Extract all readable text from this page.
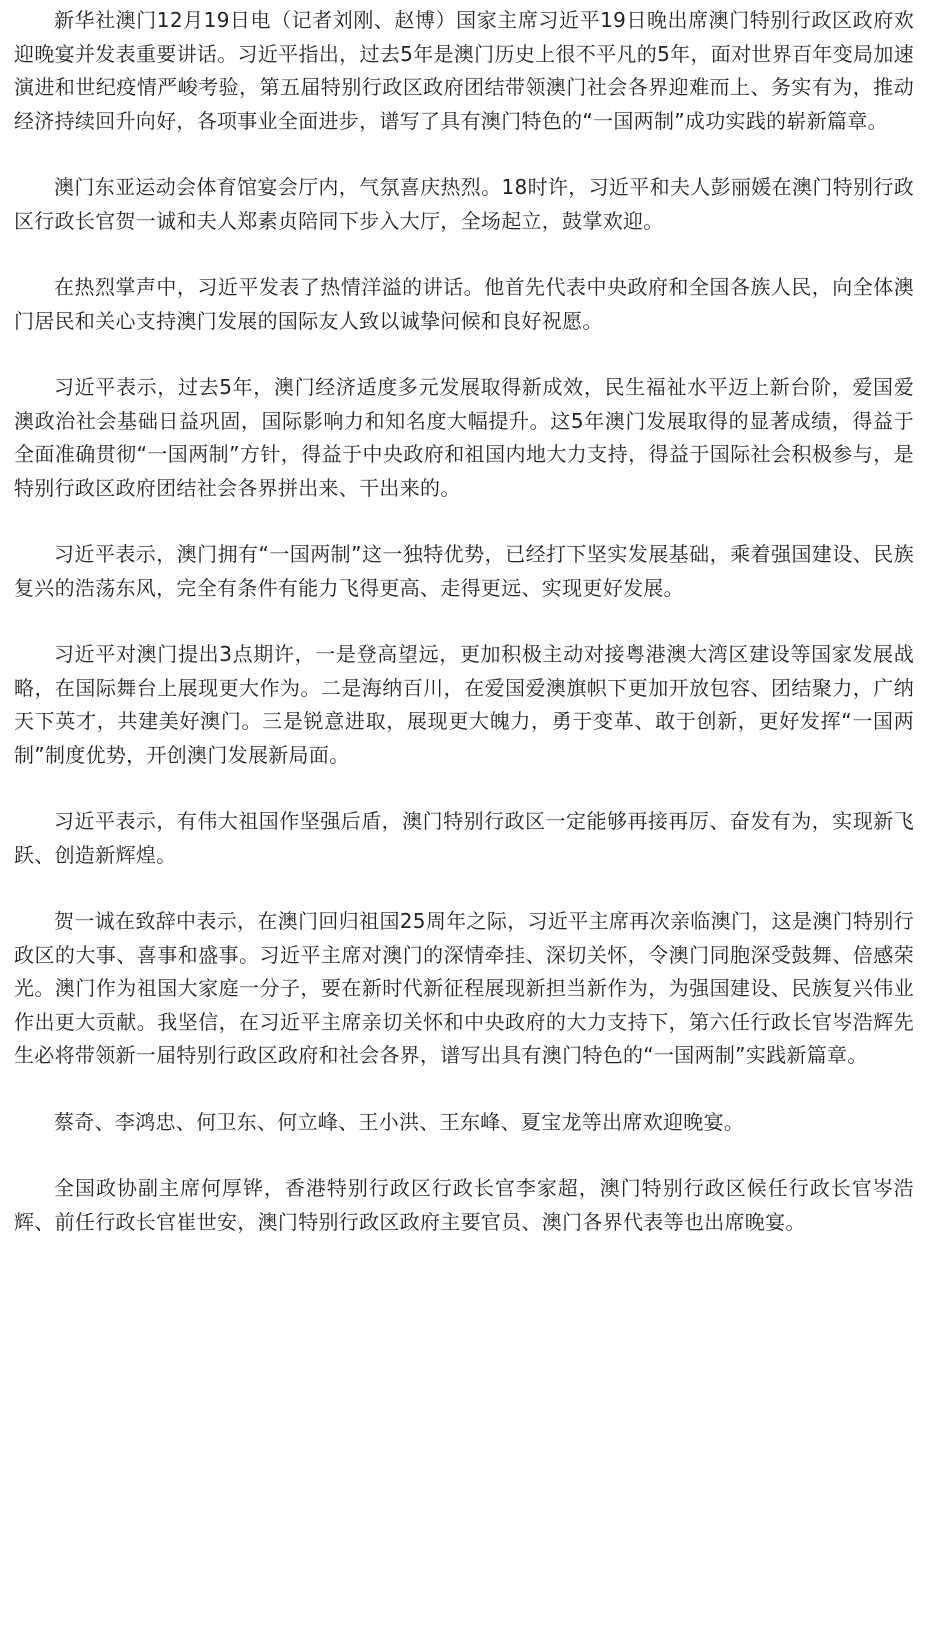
新华社澳门12月19日电（记者刘刚、赵博）国家主席习近平19日晚出席澳门特别行政区政府欢迎晚宴并发表重要讲话。习近平指出，过去5年是澳门历史上很不平凡的5年，面对世界百年变局加速演进和世纪疫情严峻考验，第五届特别行政区政府团结带领澳门社会各界迎难而上、务实有为，推动经济持续回升向好，各项事业全面进步，谱写了具有澳门特色的“一国两制”成功实践的崭新篇章。

澳门东亚运动会体育馆宴会厅内，气氛喜庆热烈。18时许，习近平和夫人彭丽媛在澳门特别行政区行政长官贺一诚和夫人郑素贞陪同下步入大厅，全场起立，鼓掌欢迎。

在热烈掌声中，习近平发表了热情洋溢的讲话。他首先代表中央政府和全国各族人民，向全体澳门居民和关心支持澳门发展的国际友人致以诚挚问候和良好祝愿。

习近平表示，过去5年，澳门经济适度多元发展取得新成效，民生福祉水平迈上新台阶，爱国爱澳政治社会基础日益巩固，国际影响力和知名度大幅提升。这5年澳门发展取得的显著成绩，得益于全面准确贯彻“一国两制”方针，得益于中央政府和祖国内地大力支持，得益于国际社会积极参与，是特别行政区政府团结社会各界拼出来、干出来的。

习近平表示，澳门拥有“一国两制”这一独特优势，已经打下坚实发展基础，乘着强国建设、民族复兴的浩荡东风，完全有条件有能力飞得更高、走得更远、实现更好发展。

习近平对澳门提出3点期许，一是登高望远，更加积极主动对接粤港澳大湾区建设等国家发展战略，在国际舞台上展现更大作为。二是海纳百川，在爱国爱澳旗帜下更加开放包容、团结聚力，广纳天下英才，共建美好澳门。三是锐意进取，展现更大魄力，勇于变革、敢于创新，更好发挥“一国两制”制度优势，开创澳门发展新局面。

习近平表示，有伟大祖国作坚强后盾，澳门特别行政区一定能够再接再厉、奋发有为，实现新飞跃、创造新辉煌。

贺一诚在致辞中表示，在澳门回归祖国25周年之际，习近平主席再次亲临澳门，这是澳门特别行政区的大事、喜事和盛事。习近平主席对澳门的深情牵挂、深切关怀，令澳门同胞深受鼓舞、倍感荣光。澳门作为祖国大家庭一分子，要在新时代新征程展现新担当新作为，为强国建设、民族复兴伟业作出更大贡献。我坚信，在习近平主席亲切关怀和中央政府的大力支持下，第六任行政长官岑浩辉先生必将带领新一届特别行政区政府和社会各界，谱写出具有澳门特色的“一国两制”实践新篇章。

蔡奇、李鸿忠、何卫东、何立峰、王小洪、王东峰、夏宝龙等出席欢迎晚宴。

全国政协副主席何厚铧，香港特别行政区行政长官李家超，澳门特别行政区候任行政长官岑浩辉、前任行政长官崔世安，澳门特别行政区政府主要官员、澳门各界代表等也出席晚宴。
